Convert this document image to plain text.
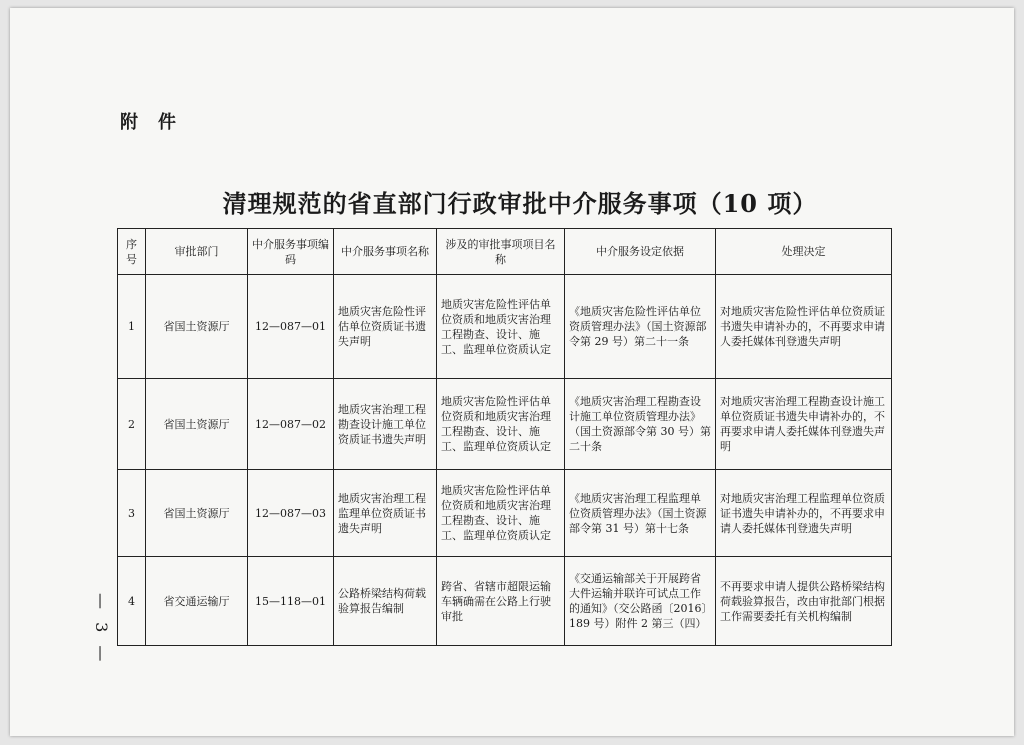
附件
清理规范的省直部门行政审批中介服务事项（10 项）
— 3 —
序号	审批部门	中介服务事项编码	中介服务事项名称	涉及的审批事项项目名称	中介服务设定依据	处理决定
1	省国土资源厅	12—087—01	地质灾害危险性评估单位资质证书遗失声明	地质灾害危险性评估单位资质和地质灾害治理工程勘查、设计、施工、监理单位资质认定	《地质灾害危险性评估单位资质管理办法》（国土资源部令第 29 号）第二十一条	对地质灾害危险性评估单位资质证书遗失申请补办的，不再要求申请人委托媒体刊登遗失声明
2	省国土资源厅	12—087—02	地质灾害治理工程勘查设计施工单位资质证书遗失声明	地质灾害危险性评估单位资质和地质灾害治理工程勘查、设计、施工、监理单位资质认定	《地质灾害治理工程勘查设计施工单位资质管理办法》（国土资源部令第 30 号）第二十条	对地质灾害治理工程勘查设计施工单位资质证书遗失申请补办的，不再要求申请人委托媒体刊登遗失声明
3	省国土资源厅	12—087—03	地质灾害治理工程监理单位资质证书遗失声明	地质灾害危险性评估单位资质和地质灾害治理工程勘查、设计、施工、监理单位资质认定	《地质灾害治理工程监理单位资质管理办法》（国土资源部令第 31 号）第十七条	对地质灾害治理工程监理单位资质证书遗失申请补办的，不再要求申请人委托媒体刊登遗失声明
4	省交通运输厅	15—118—01	公路桥梁结构荷载验算报告编制	跨省、省辖市超限运输车辆确需在公路上行驶审批	《交通运输部关于开展跨省大件运输并联许可试点工作的通知》（交公路函〔2016〕189 号）附件 2 第三（四）	不再要求申请人提供公路桥梁结构荷载验算报告，改由审批部门根据工作需要委托有关机构编制
